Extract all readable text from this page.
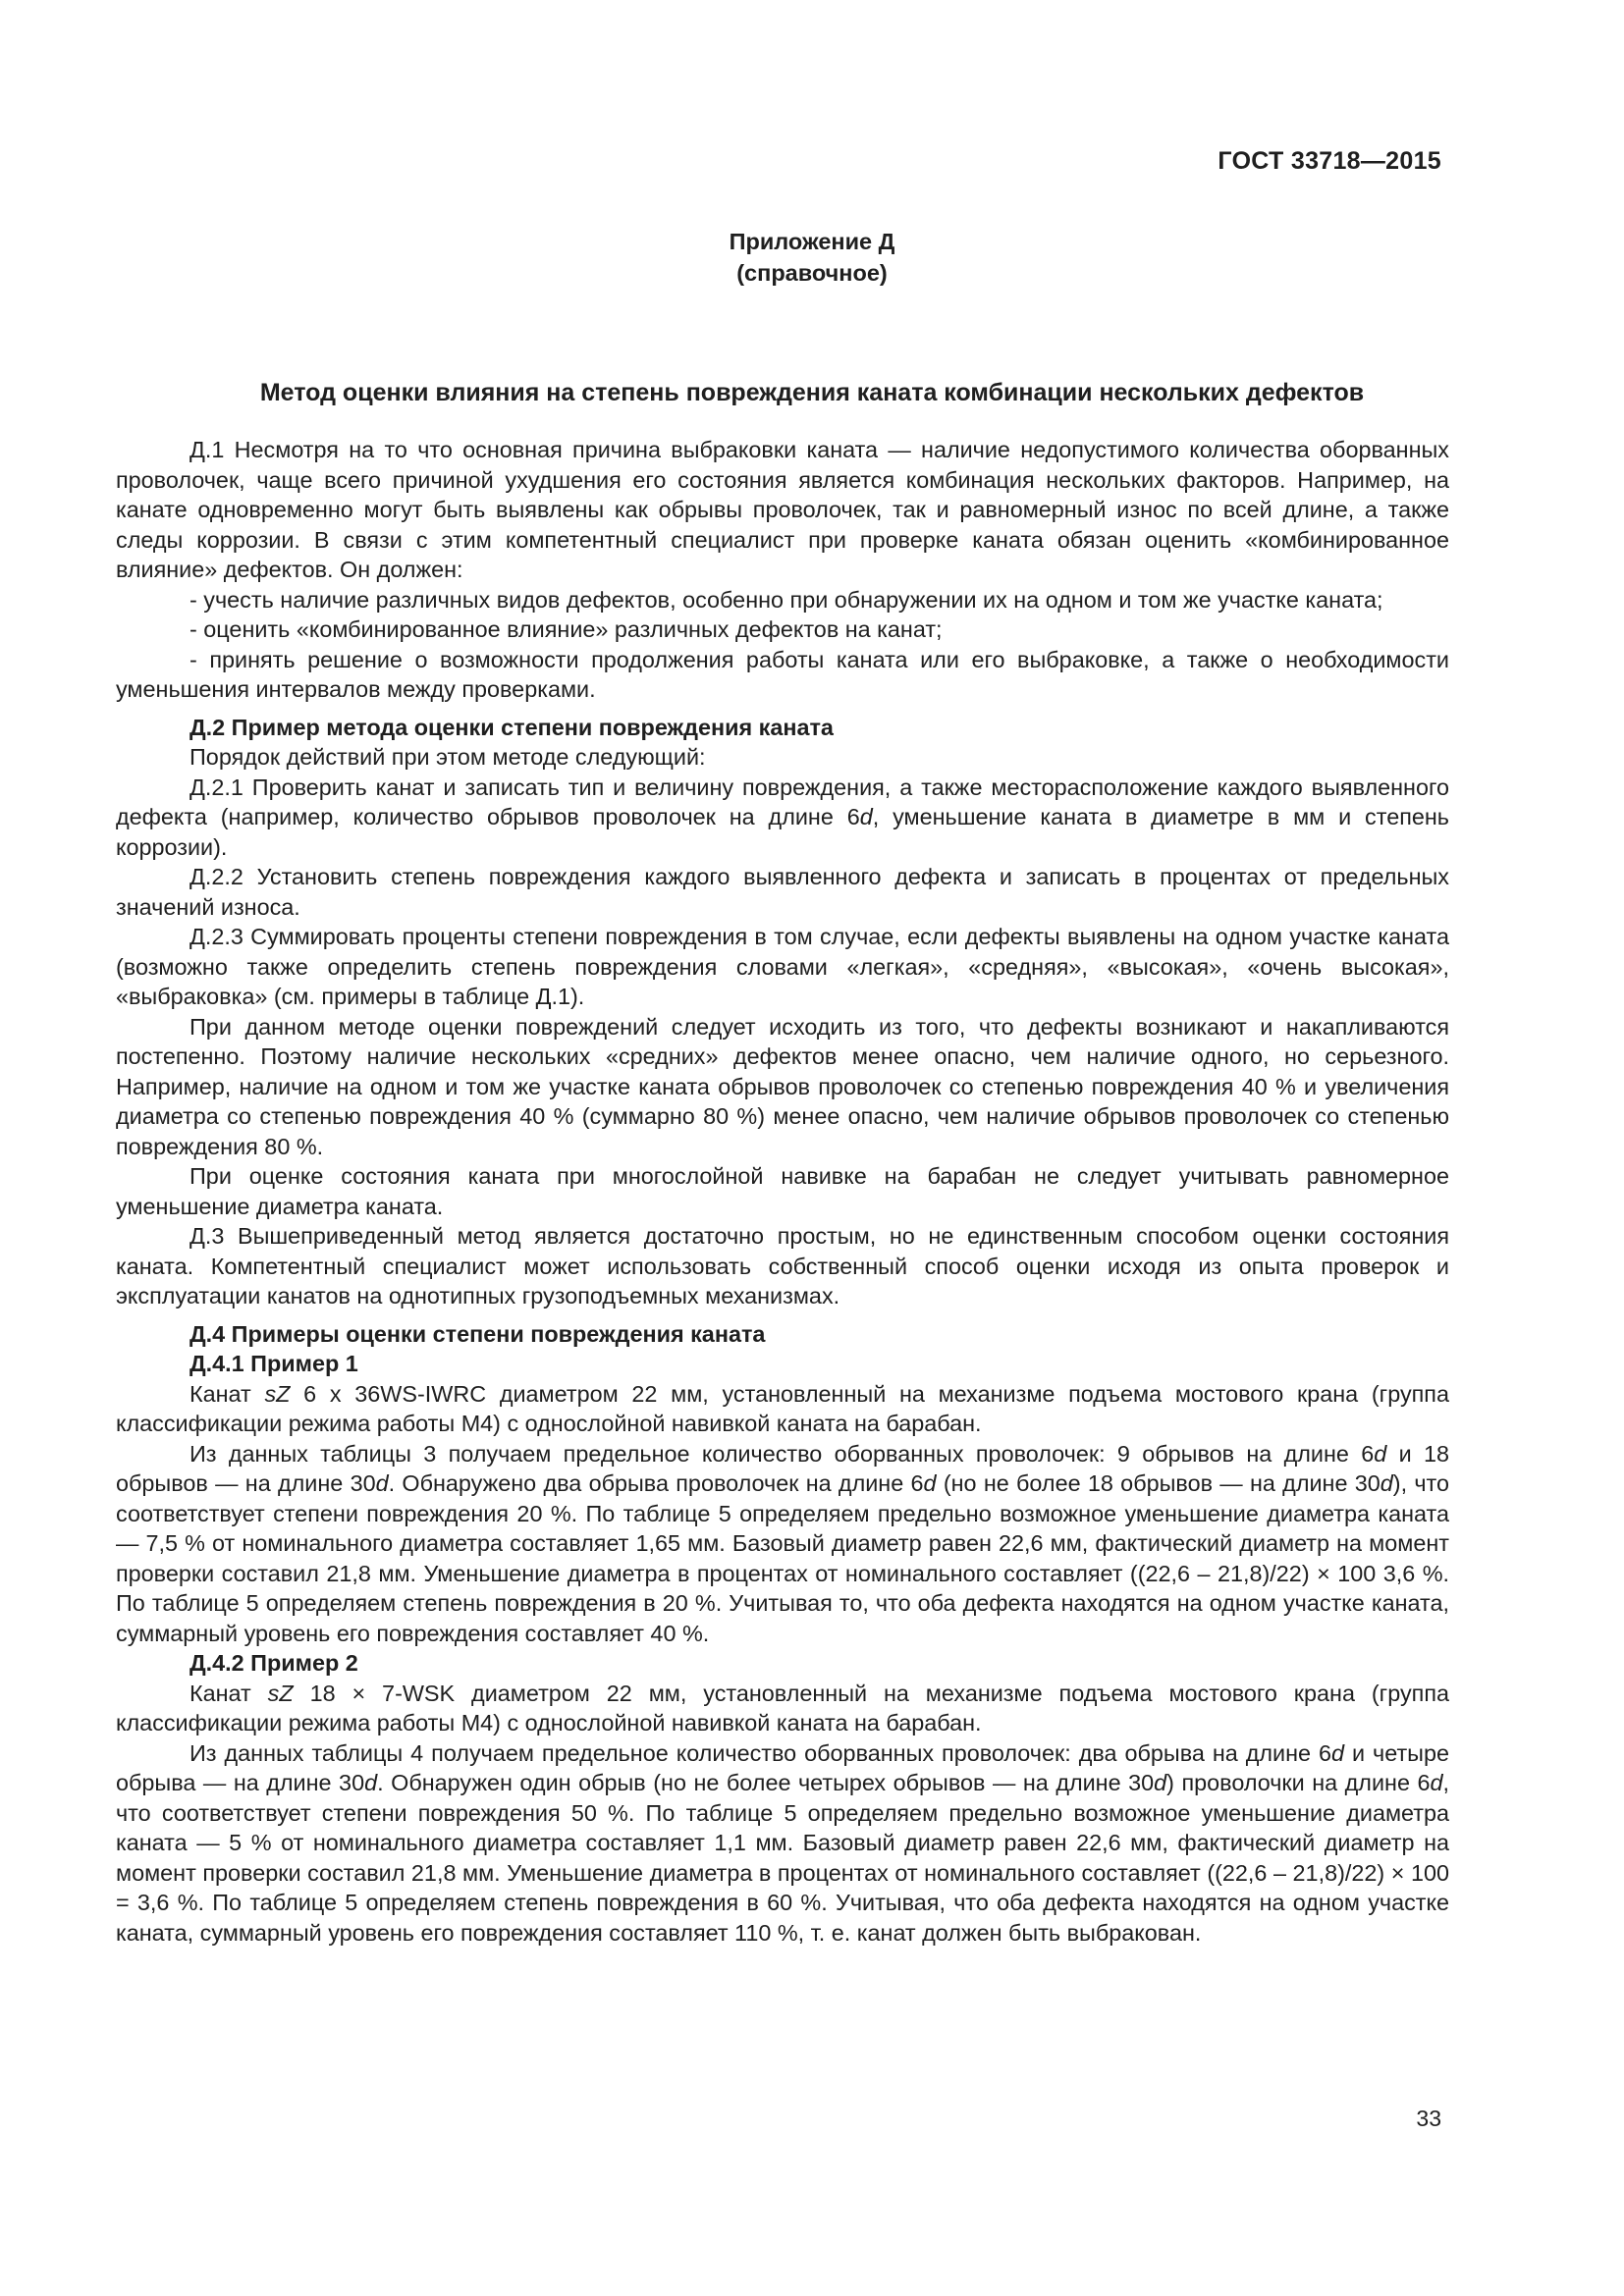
ГОСТ 33718—2015
Приложение Д
(справочное)
Метод оценки влияния на степень повреждения каната комбинации нескольких дефектов

Д.1 Несмотря на то что основная причина выбраковки каната — наличие недопустимого количества оборванных проволочек, чаще всего причиной ухудшения его состояния является комбинация нескольких факторов. Например, на канате одновременно могут быть выявлены как обрывы проволочек, так и равномерный износ по всей длине, а также следы коррозии. В связи с этим компетентный специалист при проверке каната обязан оценить «комбинированное влияние» дефектов. Он должен:

- учесть наличие различных видов дефектов, особенно при обнаружении их на одном и том же участке каната;

- оценить «комбинированное влияние» различных дефектов на канат;

- принять решение о возможности продолжения работы каната или его выбраковке, а также о необходимости уменьшения интервалов между проверками.

Д.2 Пример метода оценки степени повреждения каната

Порядок действий при этом методе следующий:

Д.2.1 Проверить канат и записать тип и величину повреждения, а также месторасположение каждого выявленного дефекта (например, количество обрывов проволочек на длине 6d, уменьшение каната в диаметре в мм и степень коррозии).

Д.2.2 Установить степень повреждения каждого выявленного дефекта и записать в процентах от предельных значений износа.

Д.2.3 Суммировать проценты степени повреждения в том случае, если дефекты выявлены на одном участке каната (возможно также определить степень повреждения словами «легкая», «средняя», «высокая», «очень высокая», «выбраковка» (см. примеры в таблице Д.1).

При данном методе оценки повреждений следует исходить из того, что дефекты возникают и накапливаются постепенно. Поэтому наличие нескольких «средних» дефектов менее опасно, чем наличие одного, но серьезного. Например, наличие на одном и том же участке каната обрывов проволочек со степенью повреждения 40 % и увеличения диаметра со степенью повреждения 40 % (суммарно 80 %) менее опасно, чем наличие обрывов проволочек со степенью повреждения 80 %.

При оценке состояния каната при многослойной навивке на барабан не следует учитывать равномерное уменьшение диаметра каната.

Д.3 Вышеприведенный метод является достаточно простым, но не единственным способом оценки состояния каната. Компетентный специалист может использовать собственный способ оценки исходя из опыта проверок и эксплуатации канатов на однотипных грузоподъемных механизмах.

Д.4 Примеры оценки степени повреждения каната

Д.4.1 Пример 1

Канат sZ 6 x 36WS-IWRC диаметром 22 мм, установленный на механизме подъема мостового крана (группа классификации режима работы М4) с однослойной навивкой каната на барабан.

Из данных таблицы 3 получаем предельное количество оборванных проволочек: 9 обрывов на длине 6d и 18 обрывов — на длине 30d. Обнаружено два обрыва проволочек на длине 6d (но не более 18 обрывов — на длине 30d), что соответствует степени повреждения 20 %. По таблице 5 определяем предельно возможное уменьшение диаметра каната — 7,5 % от номинального диаметра составляет 1,65 мм. Базовый диаметр равен 22,6 мм, фактический диаметр на момент проверки составил 21,8 мм. Уменьшение диаметра в процентах от номинального составляет ((22,6 – 21,8)/22) × 100 3,6 %. По таблице 5 определяем степень повреждения в 20 %. Учитывая то, что оба дефекта находятся на одном участке каната, суммарный уровень его повреждения составляет 40 %.

Д.4.2 Пример 2

Канат sZ 18 × 7-WSK диаметром 22 мм, установленный на механизме подъема мостового крана (группа классификации режима работы М4) с однослойной навивкой каната на барабан.

Из данных таблицы 4 получаем предельное количество оборванных проволочек: два обрыва на длине 6d и четыре обрыва — на длине 30d. Обнаружен один обрыв (но не более четырех обрывов — на длине 30d) проволочки на длине 6d, что соответствует степени повреждения 50 %. По таблице 5 определяем предельно возможное уменьшение диаметра каната — 5 % от номинального диаметра составляет 1,1 мм. Базовый диаметр равен 22,6 мм, фактический диаметр на момент проверки составил 21,8 мм. Уменьшение диаметра в процентах от номинального составляет ((22,6 – 21,8)/22) × 100 = 3,6 %. По таблице 5 определяем степень повреждения в 60 %. Учитывая, что оба дефекта находятся на одном участке каната, суммарный уровень его повреждения составляет 110 %, т. е. канат должен быть выбракован.

33
